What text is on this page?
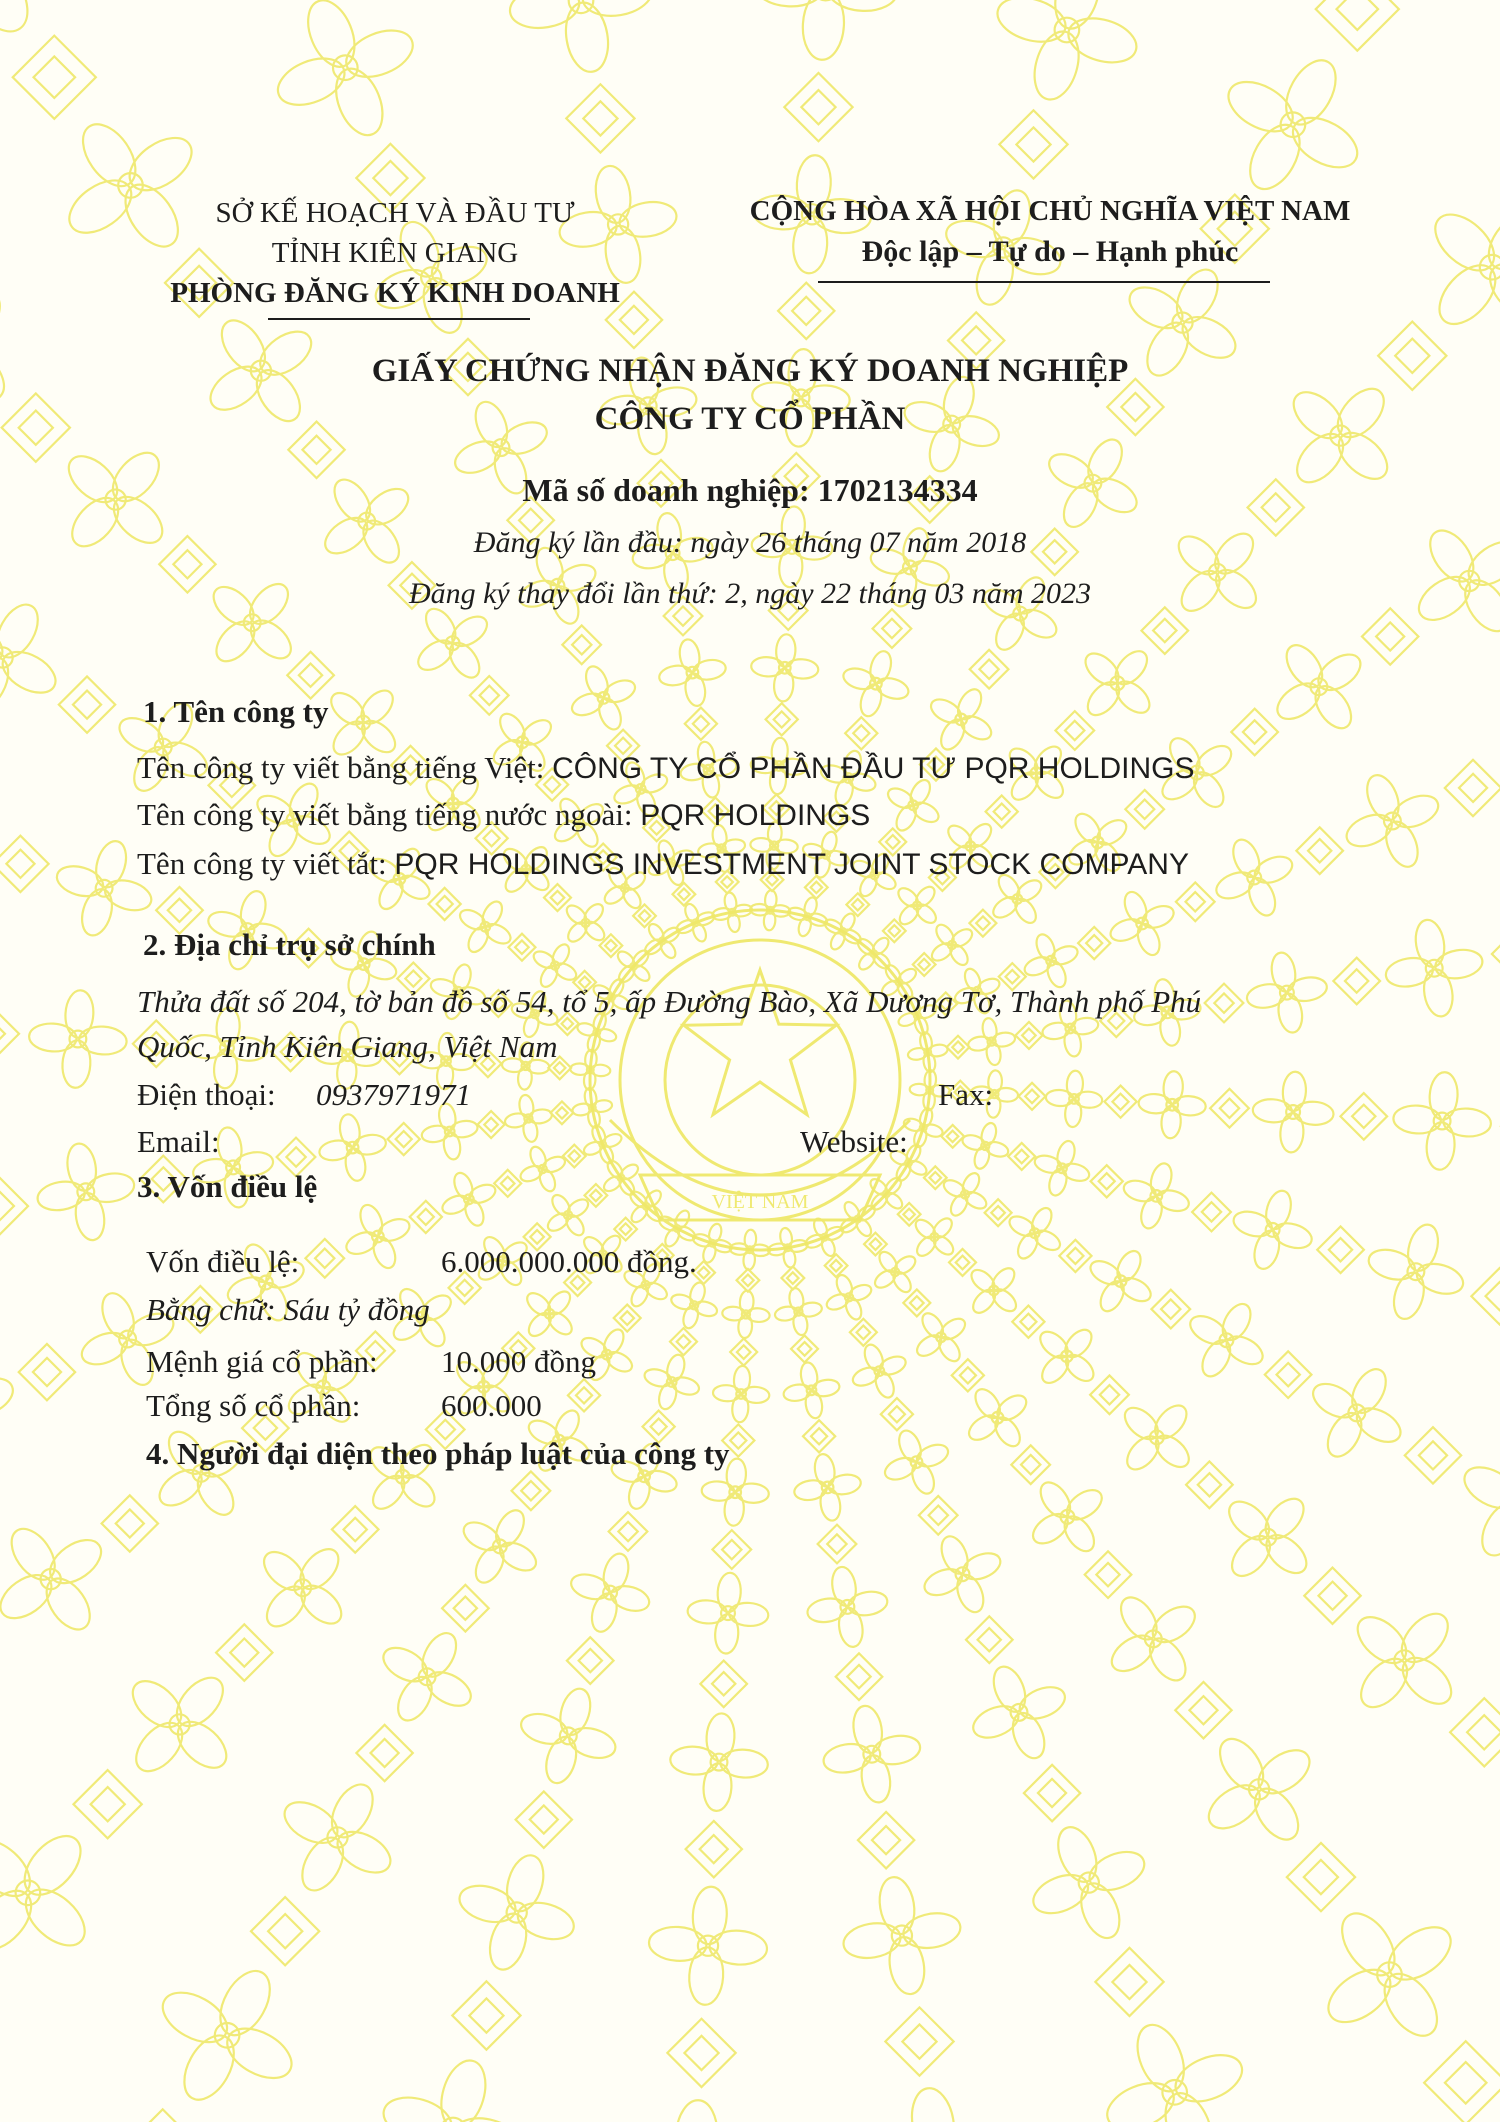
VIỆT NAM
SỞ KẾ HOẠCH VÀ ĐẦU TƯ
TỈNH KIÊN GIANG
PHÒNG ĐĂNG KÝ KINH DOANH
CỘNG HÒA XÃ HỘI CHỦ NGHĨA VIỆT NAM
Độc lập – Tự do – Hạnh phúc
GIẤY CHỨNG NHẬN ĐĂNG KÝ DOANH NGHIỆP
CÔNG TY CỔ PHẦN
Mã số doanh nghiệp: 1702134334
Đăng ký lần đầu: ngày 26 tháng 07 năm 2018
Đăng ký thay đổi lần thứ: 2, ngày 22 tháng 03 năm 2023
1. Tên công ty
Tên công ty viết bằng tiếng Việt: CÔNG TY CỔ PHẦN ĐẦU TƯ PQR HOLDINGS
Tên công ty viết bằng tiếng nước ngoài: PQR HOLDINGS
Tên công ty viết tắt: PQR HOLDINGS INVESTMENT JOINT STOCK COMPANY
2. Địa chỉ trụ sở chính
Thửa đất số 204, tờ bản đồ số 54, tổ 5, ấp Đường Bào, Xã Dương Tơ, Thành phố Phú
Quốc, Tỉnh Kiên Giang, Việt Nam
Điện thoại: 0937971971	Fax:
Email:	Website:
3. Vốn điều lệ
Vốn điều lệ:	6.000.000.000 đồng.
Bằng chữ: Sáu tỷ đồng
Mệnh giá cổ phần: 10.000 đồng
Tổng số cổ phần:	600.000
4. Người đại diện theo pháp luật của công ty
